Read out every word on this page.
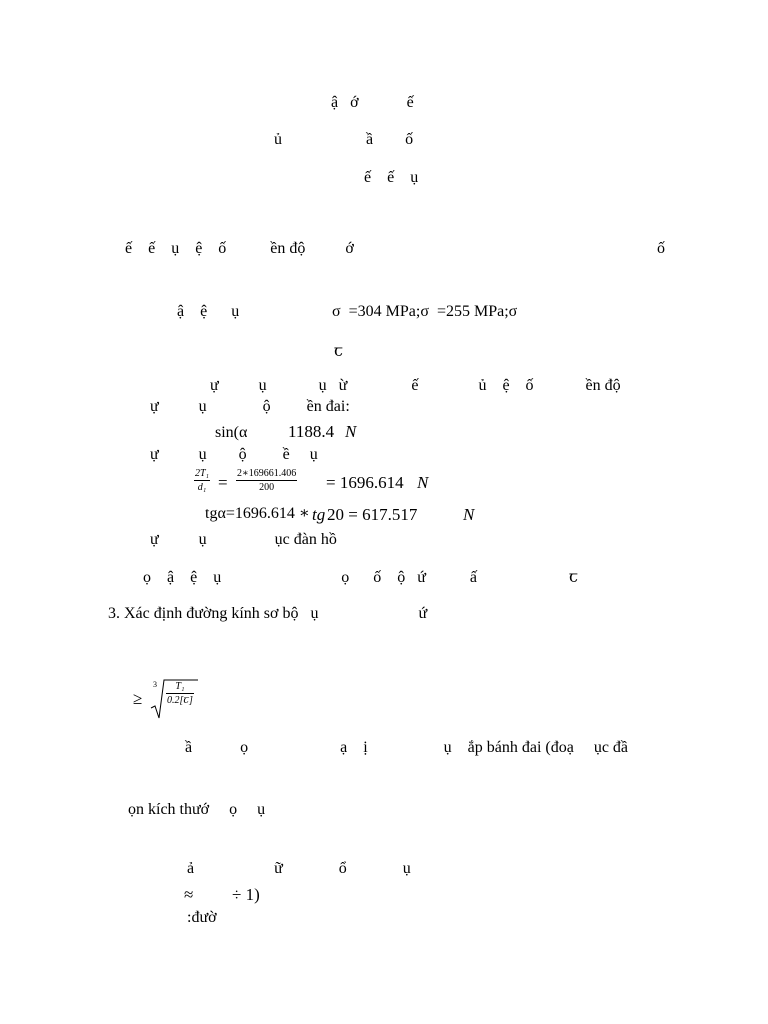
ậ   ớ            ế
ủ                     ầ        ố
ế    ế    ụ
ế    ế    ụ    ệ    ố           ền độ          ớ	ố
ậ    ệ      ụ	σ  =304 MPa;σ  =255 MPa;σ
ꞇ
ự          ụ             ụ   ừ                ế               ủ    ệ    ố             ền độ
ự          ụ              ộ         ền đai:
sin(α 1188.4 N
ự          ụ        ộ         ề     ụ
2T₁
d₁ = 2∗169661.406
200	= 1696.614 N
tgα=1696.614 ∗
tg 20 = 617.517	N
ự          ụ                 ục đàn hồ
ọ    ậ    ệ    ụ                              ọ      ố    ộ   ứ           ấ                       ꞇ
3. Xác định đường kính sơ bộ   ụ                         ứ
≥
3 T₁
0.2[ꞇ]
ầ            ọ                       ạ    ị                   ụ    ắp bánh đai (đoạ     ục đầ
ọn kích thướ     ọ     ụ
ả                    ữ              ổ              ụ
≈ ÷ 1)
:đườ
